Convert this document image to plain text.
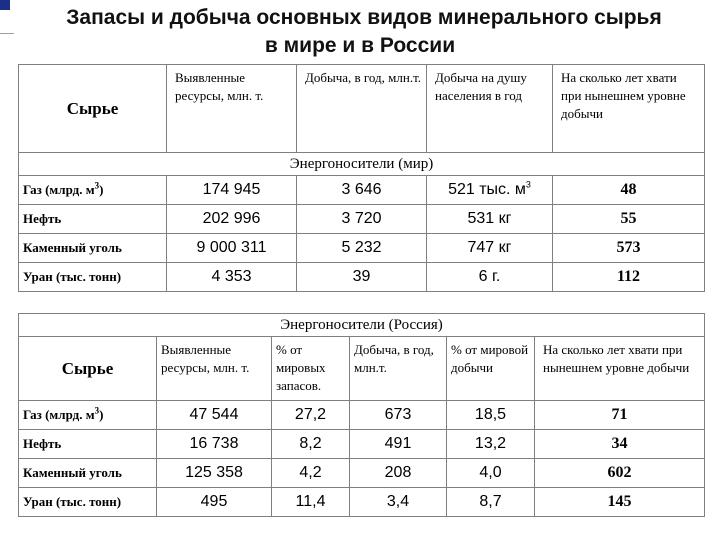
Запасы и добыча основных видов минерального сырья
в мире и в России
Сырье	Выявленные ресурсы, млн. т.	Добыча, в год, млн.т.	Добыча на душу населения в год	На сколько лет хвати при нынешнем уровне добычи
Энергоносители (мир)				
Газ (млрд. $м^3$)	174 945	3 646	521 тыс. $м^3$	48
Нефть	202 996	3 720	531 кг	55
Каменный уголь	9 000 311	5 232	747 кг	573
Уран (тыс. тонн)	4 353	39	6 г.	112
Энергоносители (Россия)					
Сырье	Выявленные ресурсы, млн. т.	% от мировых запасов.	Добыча, в год, млн.т.	% от мировой добычи	На сколько лет хвати при нынешнем уровне добычи
Газ (млрд. $м^3$)	47 544	27,2	673	18,5	71
Нефть	16 738	8,2	491	13,2	34
Каменный уголь	125 358	4,2	208	4,0	602
Уран (тыс. тонн)	495	11,4	3,4	8,7	145
